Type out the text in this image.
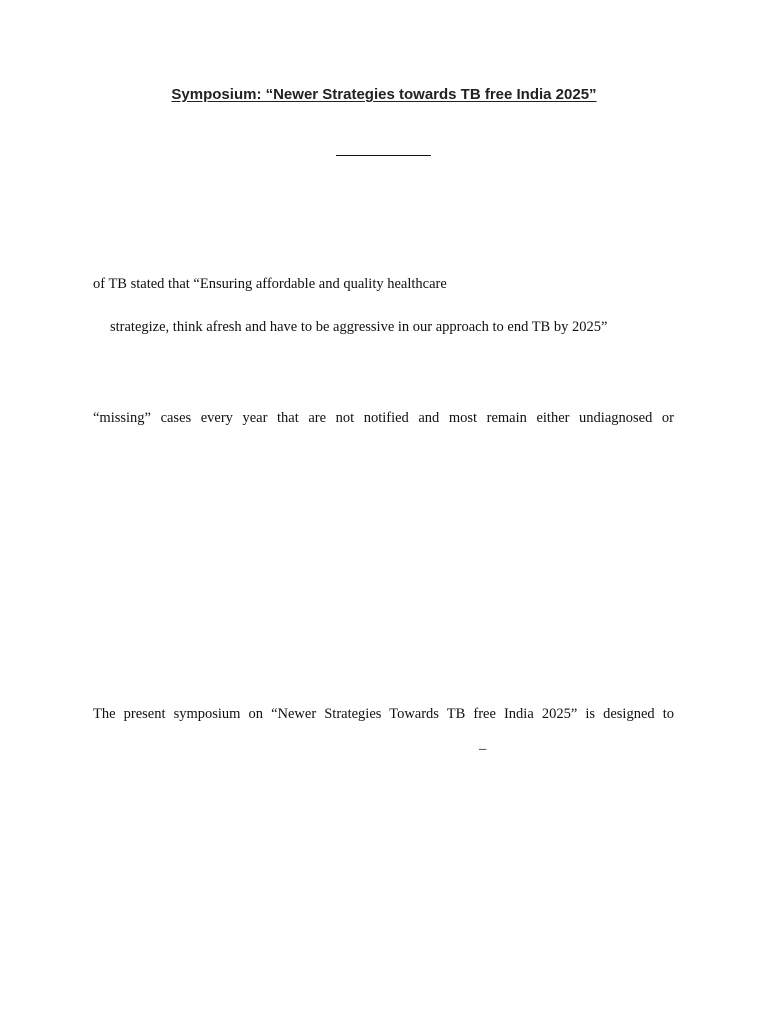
Symposium: “Newer Strategies towards TB free India 2025”
of TB stated that “Ensuring affordable and quality healthcare
strategize, think afresh and have to be aggressive in our approach to end TB by 2025”
“missing” cases every year that are not notified and most remain either undiagnosed or
The present symposium on “Newer Strategies Towards TB free India 2025” is designed to
–
